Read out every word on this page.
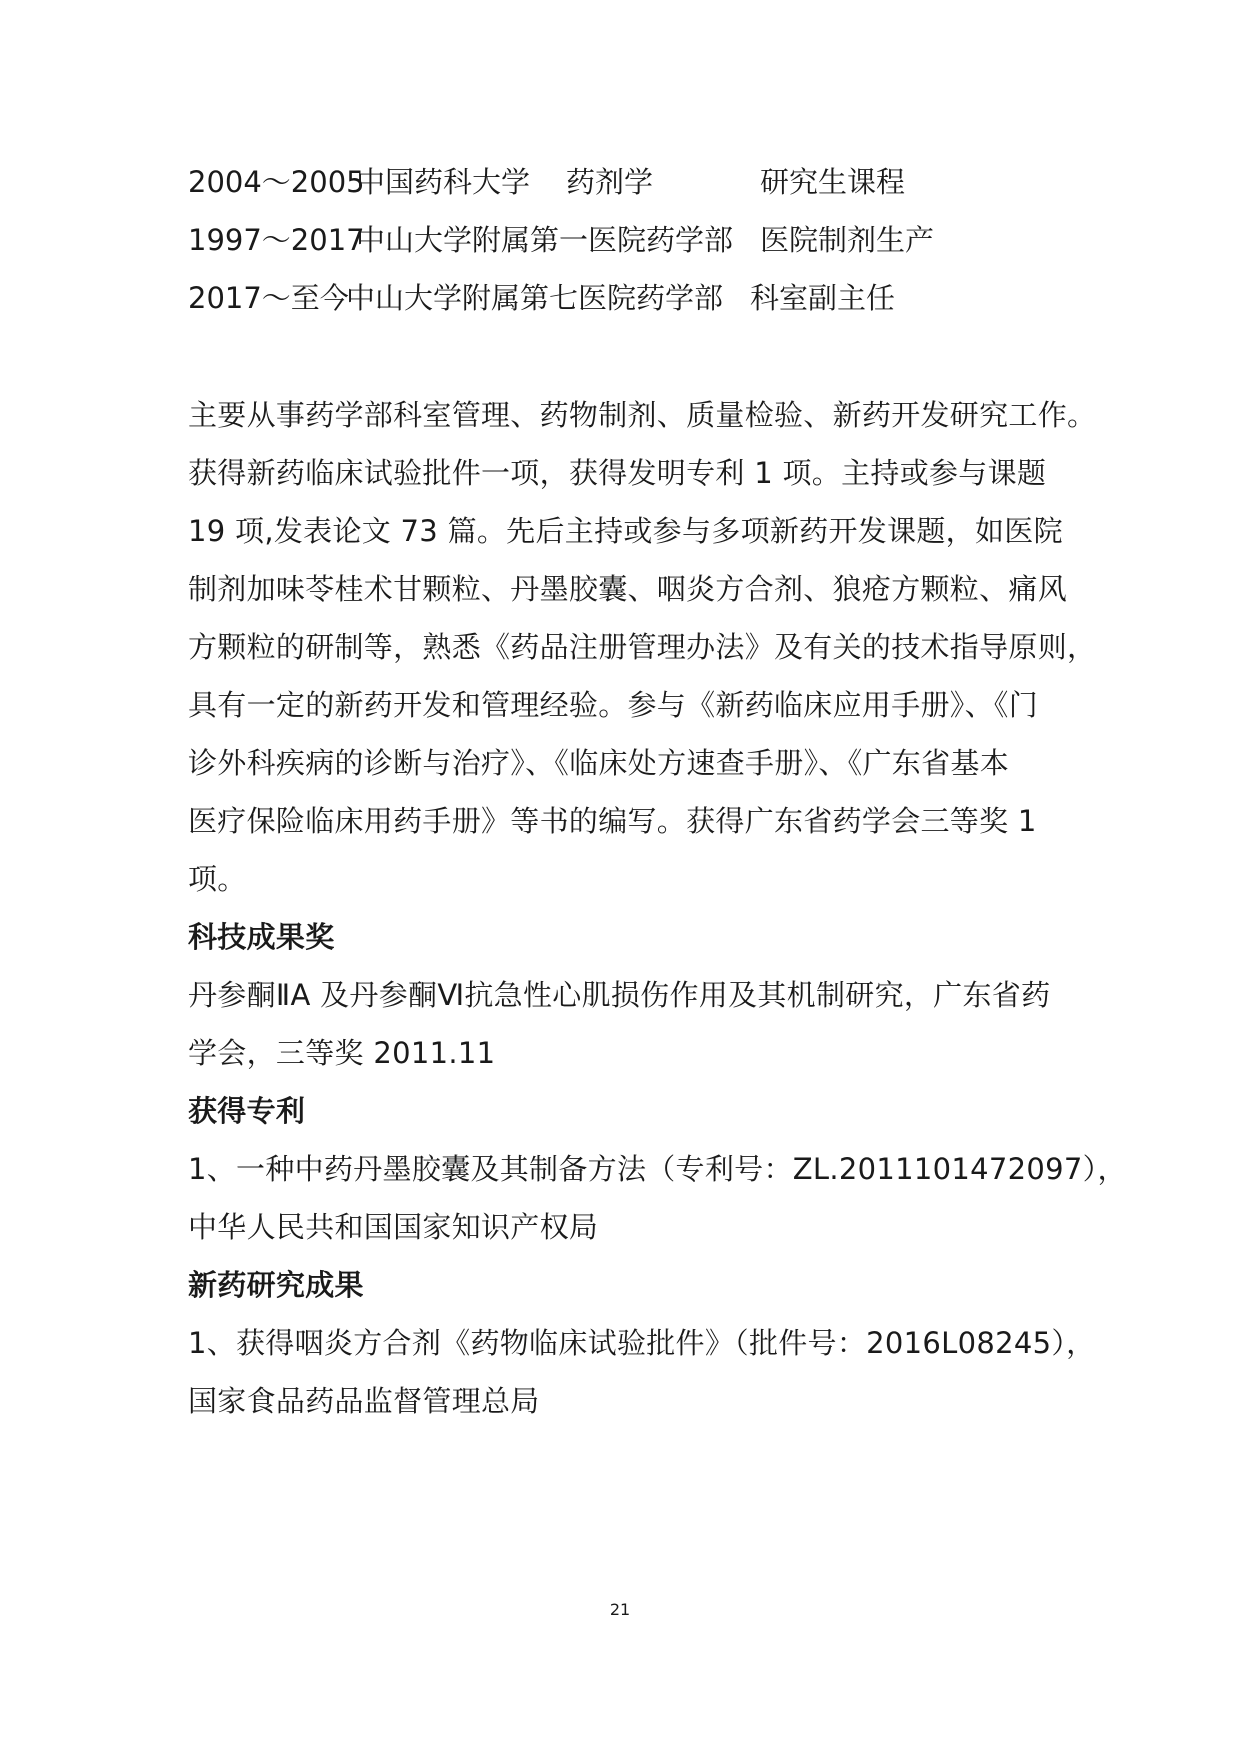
2004～2005
中国药科大学 药剂学	研究生课程
1997～2017
中山大学附属第一医院药学部 医院制剂生产
2017～至今
中山大学附属第七医院药学部 科室副主任
主要从事药学部科室管理、药物制剂、质量检验、新药开发研究工作。
获得新药临床试验批件一项，获得发明专利 1 项。主持或参与课题
19 项,发表论文 73 篇。先后主持或参与多项新药开发课题，如医院
制剂加味苓桂术甘颗粒、丹墨胶囊、咽炎方合剂、狼疮方颗粒、痛风
方颗粒的研制等，熟悉《药品注册管理办法》及有关的技术指导原则，
具有一定的新药开发和管理经验。参与《新药临床应用手册》、《门
诊外科疾病的诊断与治疗》、《临床处方速查手册》、《广东省基本
医疗保险临床用药手册》等书的编写。获得广东省药学会三等奖 1
项。
科技成果奖
丹参酮ⅡA 及丹参酮Ⅵ抗急性心肌损伤作用及其机制研究，广东省药
学会，三等奖 2011.11
获得专利
1、一种中药丹墨胶囊及其制备方法（专利号：ZL.2011101472097），
中华人民共和国国家知识产权局
新药研究成果
1、获得咽炎方合剂《药物临床试验批件》（批件号：2016L08245），
国家食品药品监督管理总局
21
